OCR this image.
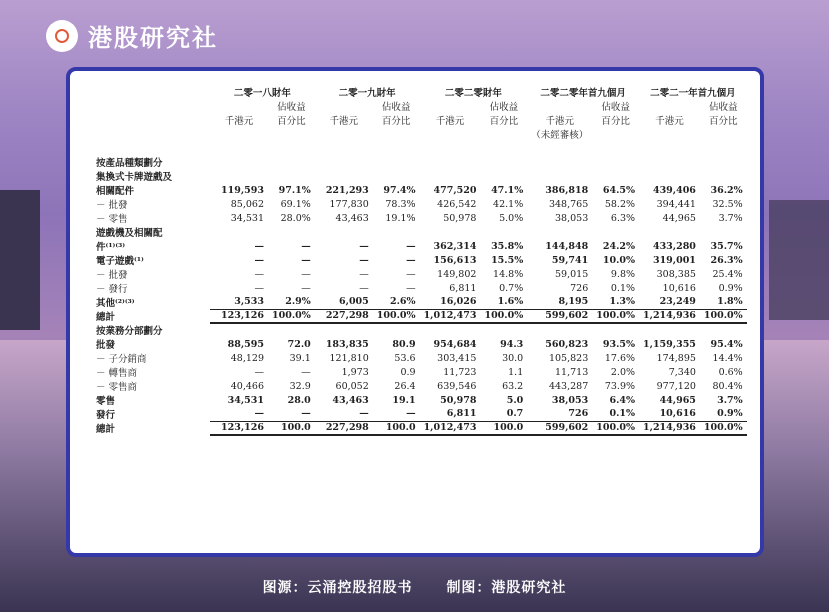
港股研究社
	二零一八財年		二零一九財年		二零二零財年		二零二零年首九個月		二零二一年首九個月	
		佔收益		佔收益		佔收益		佔收益		佔收益
	千港元	百分比	千港元	百分比	千港元	百分比	千港元	百分比	千港元	百分比
							（未經審核）			

按產品種類劃分										
集換式卡牌遊戲及										
相關配件	119,593	97.1%	221,293	97.4%	477,520	47.1%	386,818	64.5%	439,406	36.2%
－ 批發	85,062	69.1%	177,830	78.3%	426,542	42.1%	348,765	58.2%	394,441	32.5%
－ 零售	34,531	28.0%	43,463	19.1%	50,978	5.0%	38,053	6.3%	44,965	3.7%
遊戲機及相關配										
件⁽¹⁾⁽³⁾	—	—	—	—	362,314	35.8%	144,848	24.2%	433,280	35.7%
電子遊戲⁽¹⁾	—	—	—	—	156,613	15.5%	59,741	10.0%	319,001	26.3%
－ 批發	—	—	—	—	149,802	14.8%	59,015	9.8%	308,385	25.4%
－ 發行	—	—	—	—	6,811	0.7%	726	0.1%	10,616	0.9%
其他⁽²⁾⁽³⁾	3,533	2.9%	6,005	2.6%	16,026	1.6%	8,195	1.3%	23,249	1.8%

總計	123,126	100.0%	227,298	100.0%	1,012,473	100.0%	599,602	100.0%	1,214,936	100.0%

按業務分部劃分										
批發	88,595	72.0	183,835	80.9	954,684	94.3	560,823	93.5%	1,159,355	95.4%
－ 子分銷商	48,129	39.1	121,810	53.6	303,415	30.0	105,823	17.6%	174,895	14.4%
－ 轉售商	—	—	1,973	0.9	11,723	1.1	11,713	2.0%	7,340	0.6%
－ 零售商	40,466	32.9	60,052	26.4	639,546	63.2	443,287	73.9%	977,120	80.4%
零售	34,531	28.0	43,463	19.1	50,978	5.0	38,053	6.4%	44,965	3.7%
發行	—	—	—	—	6,811	0.7	726	0.1%	10,616	0.9%

總計	123,126	100.0	227,298	100.0	1,012,473	100.0	599,602	100.0%	1,214,936	100.0%
图源：云涌控股招股书 制图：港股研究社
